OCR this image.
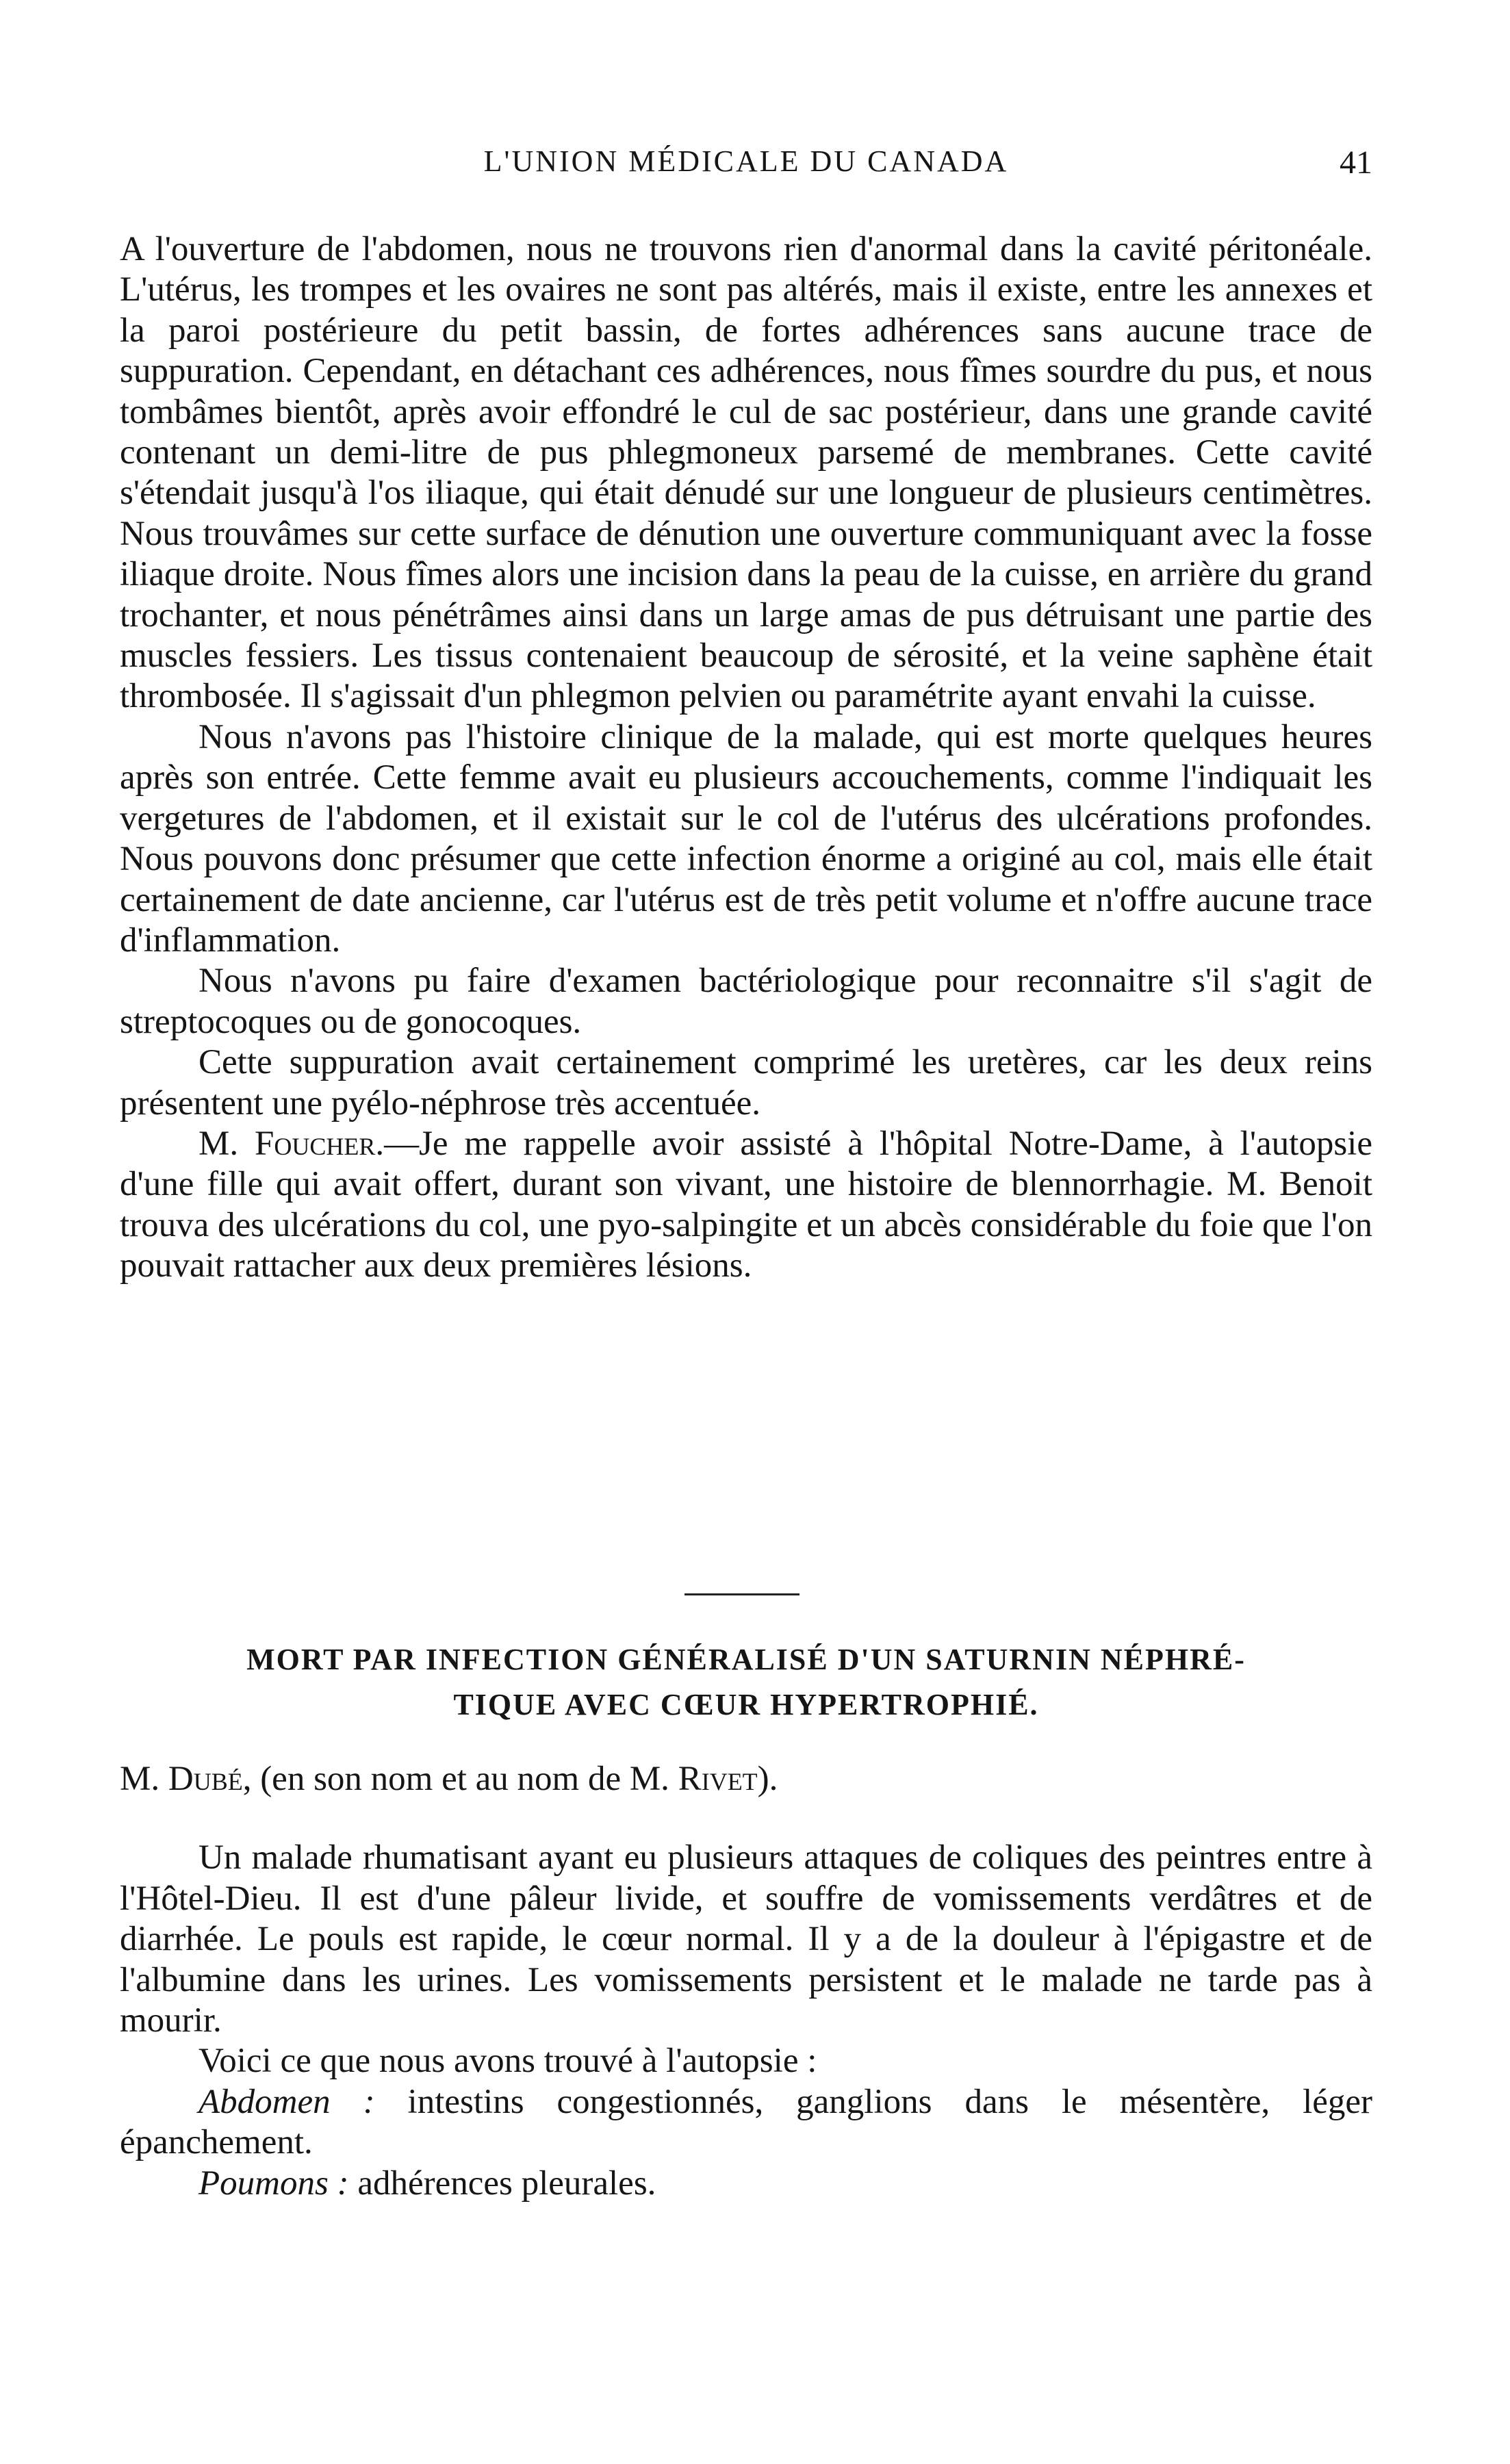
L'UNION MÉDICALE DU CANADA	41

A l'ouverture de l'abdomen, nous ne trouvons rien d'anormal dans la cavité péritonéale. L'utérus, les trompes et les ovaires ne sont pas altérés, mais il existe, entre les annexes et la paroi postérieure du petit bassin, de fortes adhérences sans aucune trace de suppuration. Cependant, en détachant ces adhérences, nous fîmes sourdre du pus, et nous tombâmes bientôt, après avoir effondré le cul de sac postérieur, dans une grande cavité contenant un demi-litre de pus phlegmoneux parsemé de membranes. Cette cavité s'étendait jusqu'à l'os iliaque, qui était dénudé sur une longueur de plusieurs centimètres. Nous trouvâmes sur cette surface de dénution une ouverture communiquant avec la fosse iliaque droite. Nous fîmes alors une incision dans la peau de la cuisse, en arrière du grand trochanter, et nous pénétrâmes ainsi dans un large amas de pus détruisant une partie des muscles fessiers. Les tissus contenaient beaucoup de sérosité, et la veine saphène était thrombosée. Il s'agissait d'un phlegmon pelvien ou paramétrite ayant envahi la cuisse.

Nous n'avons pas l'histoire clinique de la malade, qui est morte quelques heures après son entrée. Cette femme avait eu plusieurs accouchements, comme l'indiquait les vergetures de l'abdomen, et il existait sur le col de l'utérus des ulcérations profondes. Nous pouvons donc présumer que cette infection énorme a originé au col, mais elle était certainement de date ancienne, car l'utérus est de très petit volume et n'offre aucune trace d'inflammation.

Nous n'avons pu faire d'examen bactériologique pour reconnaitre s'il s'agit de streptocoques ou de gonocoques.

Cette suppuration avait certainement comprimé les uretères, car les deux reins présentent une pyélo-néphrose très accentuée.

M. Foucher.—Je me rappelle avoir assisté à l'hôpital Notre-Dame, à l'autopsie d'une fille qui avait offert, durant son vivant, une histoire de blennorrhagie. M. Benoit trouva des ulcérations du col, une pyo-salpingite et un abcès considérable du foie que l'on pouvait rattacher aux deux premières lésions.

MORT PAR INFECTION GÉNÉRALISÉ D'UN SATURNIN NÉPHRÉ-
TIQUE AVEC CŒUR HYPERTROPHIÉ.

M. Dubé, (en son nom et au nom de M. Rivet).

Un malade rhumatisant ayant eu plusieurs attaques de coliques des peintres entre à l'Hôtel-Dieu. Il est d'une pâleur livide, et souffre de vomissements verdâtres et de diarrhée. Le pouls est rapide, le cœur normal. Il y a de la douleur à l'épigastre et de l'albumine dans les urines. Les vomissements persistent et le malade ne tarde pas à mourir.

Voici ce que nous avons trouvé à l'autopsie :

Abdomen : intestins congestionnés, ganglions dans le mésentère, léger épanchement.

Poumons : adhérences pleurales.
